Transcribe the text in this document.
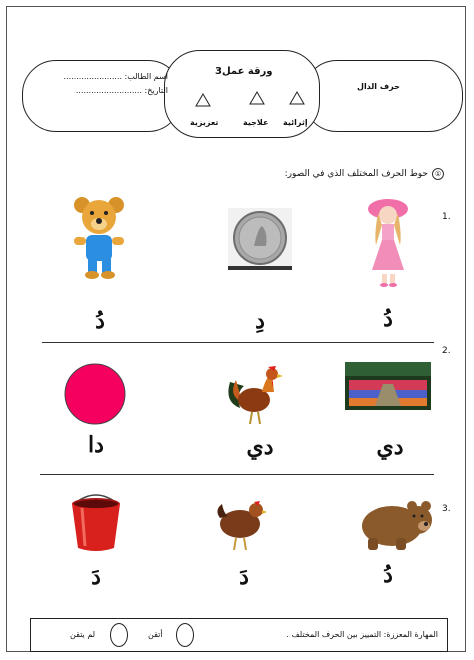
اسم الطالب: .......................
التاريخ: ..........................
ورقة عمل3
حرف الدال
تعزيزية	علاجية إثرائية
①حوط الحرف المختلف الذي في الصور:
1.
دُ
دِ
دُ
2.
دي
دي
دا
3.
دُ
دَ
دَ
المهارة المعززة: التمييز بين الحرف المختلف .
أتقن
لم يتقن
